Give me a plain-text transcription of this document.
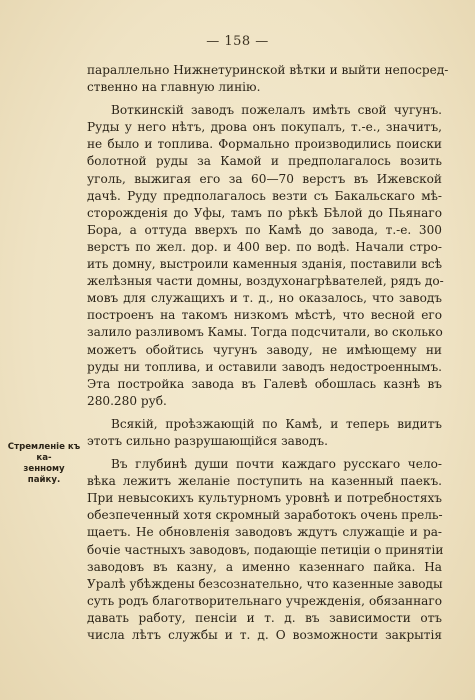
— 158 —

параллельно Нижнетуринской вѣтки и выйти непосред-
ственно на главную линію.

Воткинскій заводъ пожелалъ имѣть свой чугунъ.
Руды у него нѣтъ, дрова онъ покупалъ, т.-е., значитъ,
не было и топлива. Формально производились поиски
болотной руды за Камой и предполагалось возить
уголь, выжигая его за 60—70 верстъ въ Ижевской
дачѣ. Руду предполагалось везти съ Бакальскаго мѣ-
сторожденія до Уфы, тамъ по рѣкѣ Бѣлой до Пьянаго
Бора, а оттуда вверхъ по Камѣ до завода, т.-е. 300
верстъ по жел. дор. и 400 вер. по водѣ. Начали стро-
ить домну, выстроили каменныя зданія, поставили всѣ
желѣзныя части домны, воздухонагрѣвателей, рядъ до-
мовъ для служащихъ и т. д., но оказалось, что заводъ
построенъ на такомъ низкомъ мѣстѣ, что весной его
залило разливомъ Камы. Тогда подсчитали, во сколько
можетъ обойтись чугунъ заводу, не имѣющему ни
руды ни топлива, и оставили заводъ недостроеннымъ.
Эта постройка завода въ Галевѣ обошлась казнѣ въ
280.280 руб.

Всякій, проѣзжающій по Камѣ, и теперь видитъ
этотъ сильно разрушающійся заводъ.

Въ глубинѣ души почти каждаго русскаго чело-
вѣка лежитъ желаніе поступить на казенный паекъ.
При невысокихъ культурномъ уровнѣ и потребностяхъ
обезпеченный хотя скромный заработокъ очень прель-
щаетъ. Не обновленія заводовъ ждутъ служащіе и ра-
бочіе частныхъ заводовъ, подающіе петиціи о принятіи
заводовъ въ казну, а именно казеннаго пайка. На
Уралѣ убѣждены безсознательно, что казенные заводы
суть родъ благотворительнаго учрежденія, обязаннаго
давать работу, пенсіи и т. д. въ зависимости отъ
числа лѣтъ службы и т. д. О возможности закрытія

Стремленіе къ ка-
зенному пайку.
